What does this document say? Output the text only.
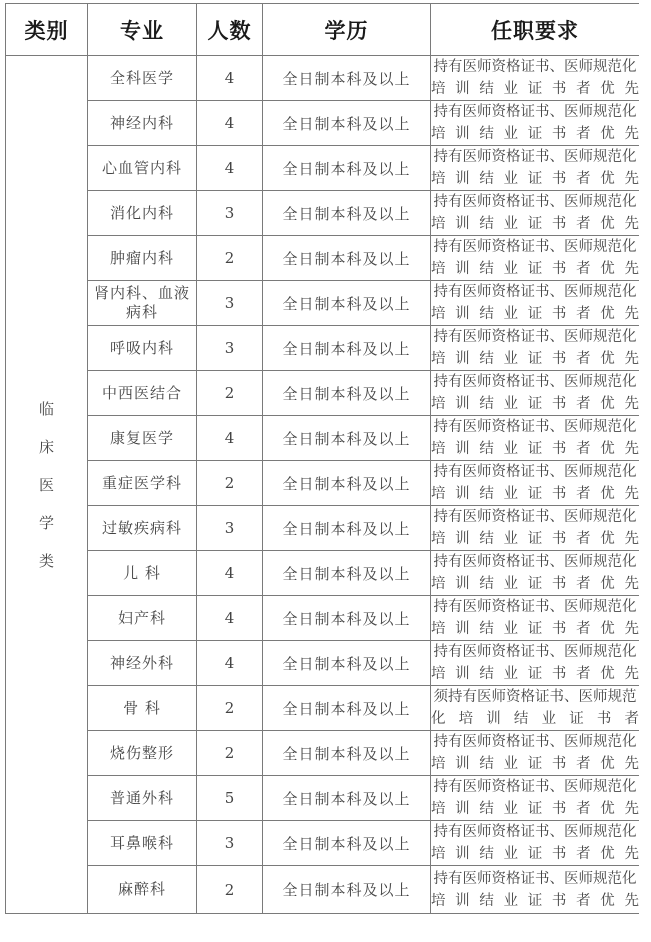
类别	专业	人数	学历	任职要求
临床医学类	全科医学	4	全日制本科及以上	持有医师资格证书、医师规范化培训结业证书者优先
	神经内科	4	全日制本科及以上	持有医师资格证书、医师规范化培训结业证书者优先
	心血管内科	4	全日制本科及以上	持有医师资格证书、医师规范化培训结业证书者优先
	消化内科	3	全日制本科及以上	持有医师资格证书、医师规范化培训结业证书者优先
	肿瘤内科	2	全日制本科及以上	持有医师资格证书、医师规范化培训结业证书者优先
	肾内科、血液病科	3	全日制本科及以上	持有医师资格证书、医师规范化培训结业证书者优先
	呼吸内科	3	全日制本科及以上	持有医师资格证书、医师规范化培训结业证书者优先
	中西医结合	2	全日制本科及以上	持有医师资格证书、医师规范化培训结业证书者优先
	康复医学	4	全日制本科及以上	持有医师资格证书、医师规范化培训结业证书者优先
	重症医学科	2	全日制本科及以上	持有医师资格证书、医师规范化培训结业证书者优先
	过敏疾病科	3	全日制本科及以上	持有医师资格证书、医师规范化培训结业证书者优先
	儿 科	4	全日制本科及以上	持有医师资格证书、医师规范化培训结业证书者优先
	妇产科	4	全日制本科及以上	持有医师资格证书、医师规范化培训结业证书者优先
	神经外科	4	全日制本科及以上	持有医师资格证书、医师规范化培训结业证书者优先
	骨 科	2	全日制本科及以上	须持有医师资格证书、医师规范化培训结业证书者
	烧伤整形	2	全日制本科及以上	持有医师资格证书、医师规范化培训结业证书者优先
	普通外科	5	全日制本科及以上	持有医师资格证书、医师规范化培训结业证书者优先
	耳鼻喉科	3	全日制本科及以上	持有医师资格证书、医师规范化培训结业证书者优先
	麻醉科	2	全日制本科及以上	持有医师资格证书、医师规范化培训结业证书者优先
